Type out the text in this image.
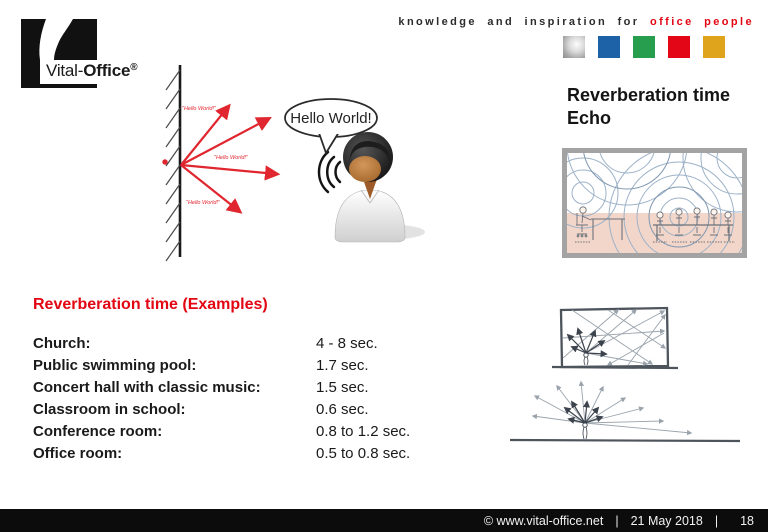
Vital-Office®
knowledge and inspiration for office people
"Hello World!"
"Hello World!"
"Hello World!"
Hello World!
Reverberation time
Echo
Reverberation time (Examples)
Church:	4 - 8 sec.
Public swimming pool:	1.7 sec.
Concert hall with classic music:	1.5 sec.
Classroom in school:	0.6 sec.
Conference room:	0.8 to 1.2 sec.
Office room:	0.5 to 0.8 sec.
© www.vital-office.net | 21 May 2018 | 18
